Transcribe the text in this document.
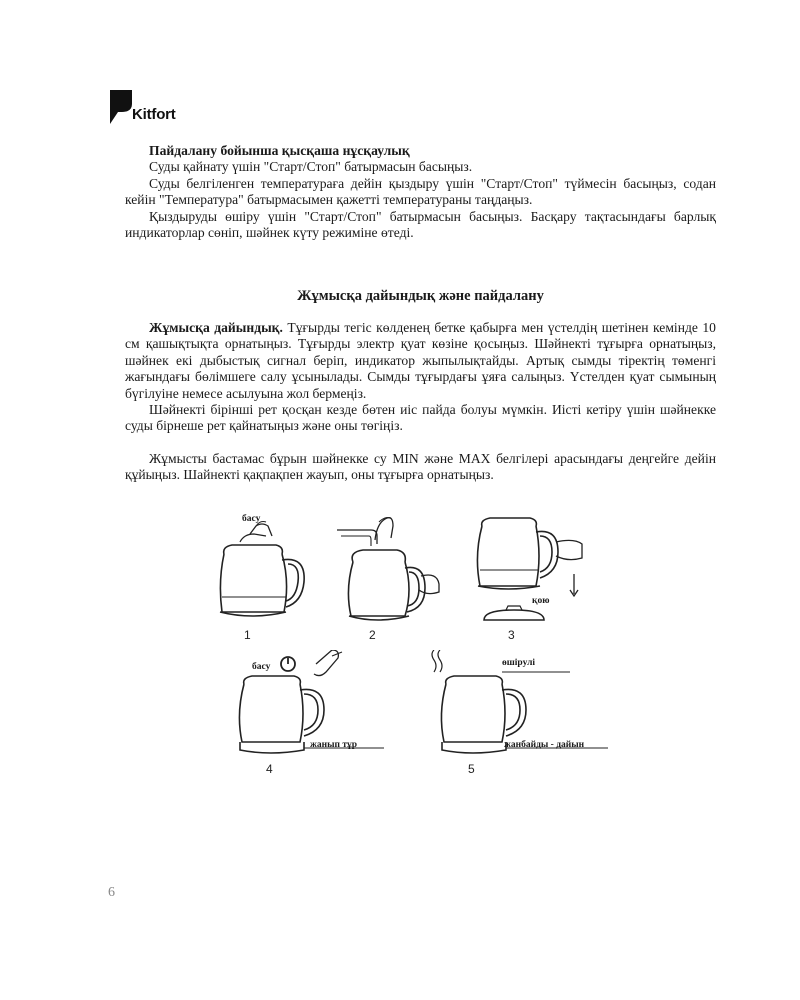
Kitfort

Пайдалану бойынша қысқаша нұсқаулық

Суды қайнату үшін "Старт/Стоп" батырмасын басыңыз.

Суды белгіленген температураға дейін қыздыру үшін "Старт/Стоп" түймесін басыңыз, содан кейін "Температура" батырмасымен қажетті температураны таңдаңыз.

Қыздыруды өшіру үшін "Старт/Стоп" батырмасын басыңыз. Басқару тақтасындағы барлық индикаторлар сөніп, шәйнек күту режиміне өтеді.

Жұмысқа дайындық және пайдалану

Жұмысқа дайындық. Тұғырды тегіс көлденең бетке қабырға мен үстелдің шетінен кемінде 10 см қашықтықта орнатыңыз. Тұғырды электр қуат көзіне қосыңыз. Шәйнекті тұғырға орнатыңыз, шәйнек екі дыбыстық сигнал беріп, индикатор жыпылықтайды. Артық сымды тіректің төменгі жағындағы бөлімшеге салу ұсынылады. Сымды тұғырдағы ұяға салыңыз. Үстелден қуат сымының бүгілуіне немесе асылуына жол бермеңіз.

Шәйнекті бірінші рет қосқан кезде бөтен иіс пайда болуы мүмкін. Иісті кетіру үшін шәйнекке суды бірнеше рет қайнатыңыз және оны төгіңіз.

Жұмысты бастамас бұрын шәйнекке су MIN және MAX белгілері арасындағы деңгейге дейін құйыңыз. Шайнекті қақпақпен жауып, оны тұғырға орнатыңыз.

басу
1	2
қою
3
басу
жанып тұр
4
өшірулі
жанбайды - дайын
5
6
